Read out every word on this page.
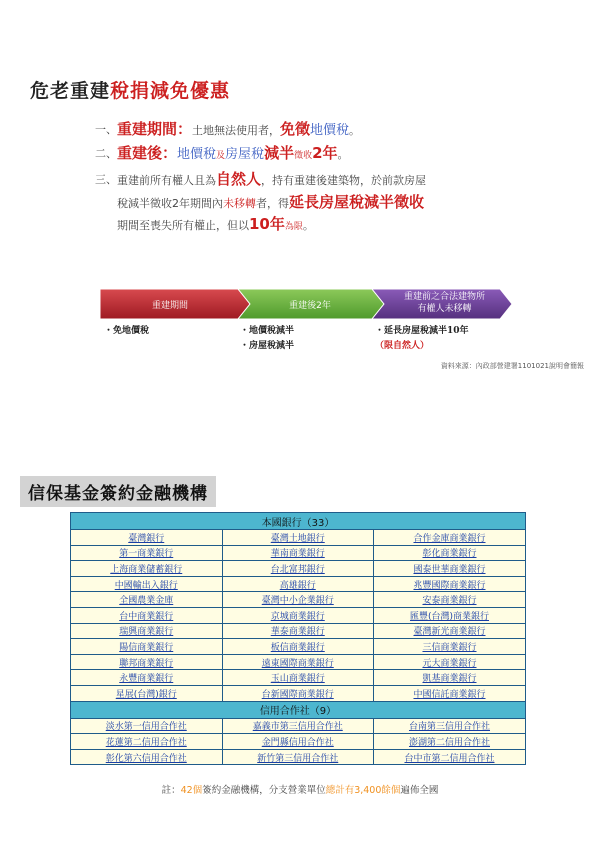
危老重建稅捐減免優惠
一、 重建期間：土地無法使用者，免徵地價稅。
二、 重建後：地價稅及房屋稅減半徵收2年。
三、 重建前所有權人且為自然人，持有重建後建築物，於前款房屋
稅減半徵收2年期間內未移轉者，得延長房屋稅減半徵收
期間至喪失所有權止，但以10年為限。
重建期間	重建後2年
重建前之合法建物所
有權人未移轉
・免地價稅	・地價稅減半
・房屋稅減半
・延長房屋稅減半10年
（限自然人）
資料來源：內政部營建署1101021說明會簡報
信保基金簽約金融機構
本國銀行（33）		
臺灣銀行	臺灣土地銀行	合作金庫商業銀行
第一商業銀行	華南商業銀行	彰化商業銀行
上海商業儲蓄銀行	台北富邦銀行	國泰世華商業銀行
中國輸出入銀行	高雄銀行	兆豐國際商業銀行
全國農業金庫	臺灣中小企業銀行	安泰商業銀行
台中商業銀行	京城商業銀行	匯豐(台灣)商業銀行
瑞興商業銀行	華泰商業銀行	臺灣新光商業銀行
陽信商業銀行	板信商業銀行	三信商業銀行
聯邦商業銀行	遠東國際商業銀行	元大商業銀行
永豐商業銀行	玉山商業銀行	凱基商業銀行
星展(台灣)銀行	台新國際商業銀行	中國信託商業銀行
信用合作社（9）		
淡水第一信用合作社	嘉義市第三信用合作社	台南第三信用合作社
花蓮第二信用合作社	金門縣信用合作社	澎湖第二信用合作社
彰化第六信用合作社	新竹第三信用合作社	台中市第二信用合作社
註：42個簽約金融機構，分支營業單位總計有3,400餘個遍佈全國
